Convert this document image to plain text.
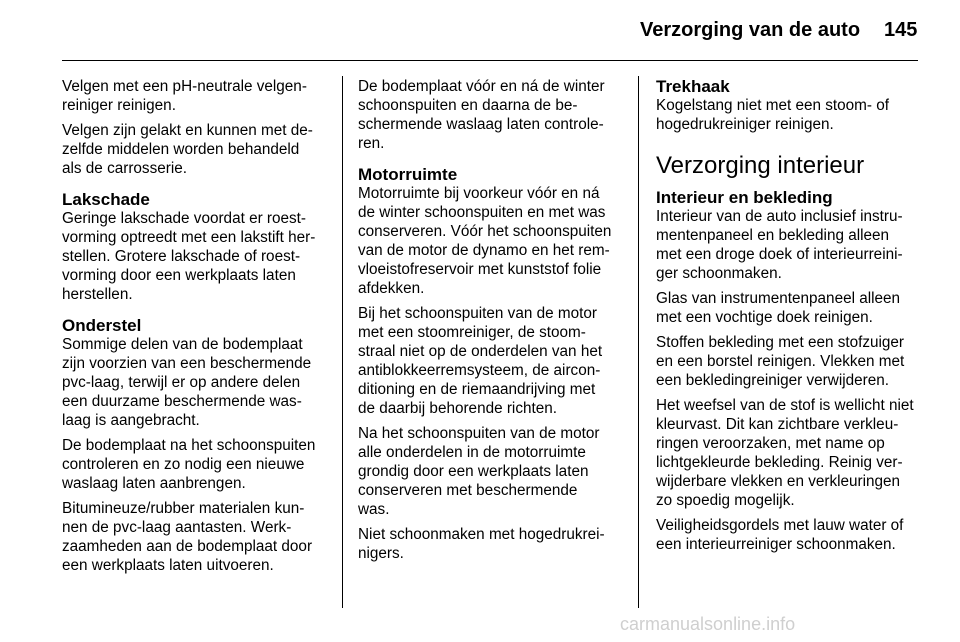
Verzorging van de auto 145

Velgen met een pH-neutrale velgen-
reiniger reinigen.

Velgen zijn gelakt en kunnen met de-
zelfde middelen worden behandeld
als de carrosserie.

Lakschade

Geringe lakschade voordat er roest-
vorming optreedt met een lakstift her-
stellen. Grotere lakschade of roest-
vorming door een werkplaats laten
herstellen.

Onderstel

Sommige delen van de bodemplaat
zijn voorzien van een beschermende
pvc-laag, terwijl er op andere delen
een duurzame beschermende was-
laag is aangebracht.

De bodemplaat na het schoonspuiten
controleren en zo nodig een nieuwe
waslaag laten aanbrengen.

Bitumineuze/rubber materialen kun-
nen de pvc-laag aantasten. Werk-
zaamheden aan de bodemplaat door
een werkplaats laten uitvoeren.

De bodemplaat vóór en ná de winter
schoonspuiten en daarna de be-
schermende waslaag laten controle-
ren.

Motorruimte

Motorruimte bij voorkeur vóór en ná
de winter schoonspuiten en met was
conserveren. Vóór het schoonspuiten
van de motor de dynamo en het rem-
vloeistofreservoir met kunststof folie
afdekken.

Bij het schoonspuiten van de motor
met een stoomreiniger, de stoom-
straal niet op de onderdelen van het
antiblokkeerremsysteem, de aircon-
ditioning en de riemaandrijving met
de daarbij behorende richten.

Na het schoonspuiten van de motor
alle onderdelen in de motorruimte
grondig door een werkplaats laten
conserveren met beschermende
was.

Niet schoonmaken met hogedrukrei-
nigers.

Trekhaak

Kogelstang niet met een stoom- of
hogedrukreiniger reinigen.

Verzorging interieur
Interieur en bekleding

Interieur van de auto inclusief instru-
mentenpaneel en bekleding alleen
met een droge doek of interieurreini-
ger schoonmaken.

Glas van instrumentenpaneel alleen
met een vochtige doek reinigen.

Stoffen bekleding met een stofzuiger
en een borstel reinigen. Vlekken met
een bekledingreiniger verwijderen.

Het weefsel van de stof is wellicht niet
kleurvast. Dit kan zichtbare verkleu-
ringen veroorzaken, met name op
lichtgekleurde bekleding. Reinig ver-
wijderbare vlekken en verkleuringen
zo spoedig mogelijk.

Veiligheidsgordels met lauw water of
een interieurreiniger schoonmaken.

carmanualsonline.info
